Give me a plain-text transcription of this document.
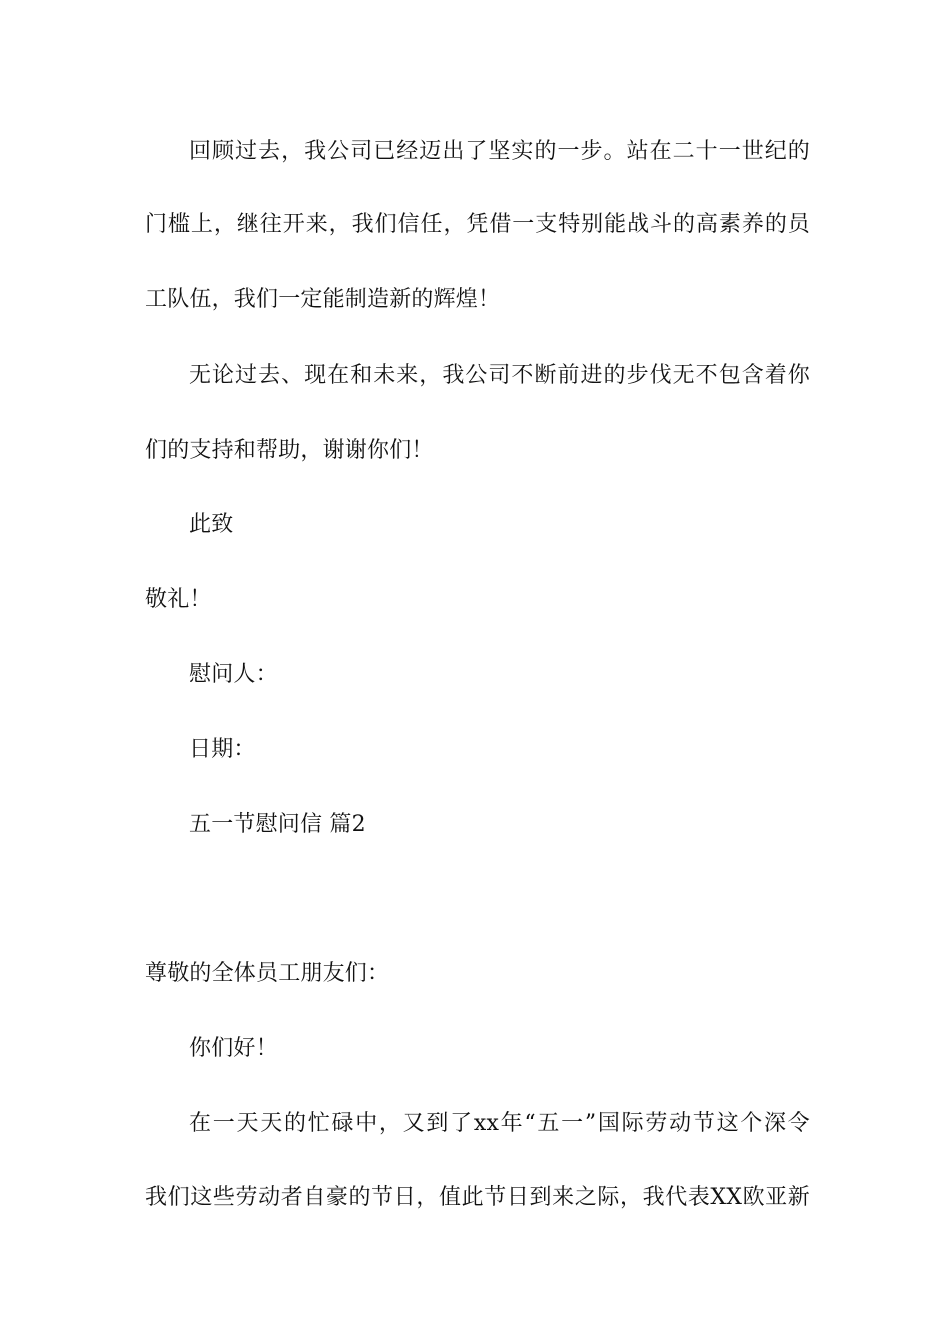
回顾过去，我公司已经迈出了坚实的一步。站在二十一世纪的
门槛上，继往开来，我们信任，凭借一支特别能战斗的高素养的员
工队伍，我们一定能制造新的辉煌！
无论过去、现在和未来，我公司不断前进的步伐无不包含着你
们的支持和帮助，谢谢你们！
此致
敬礼！
慰问人：
日期：
五一节慰问信 篇2
尊敬的全体员工朋友们：
你们好！
在一天天的忙碌中，又到了xx年“五一”国际劳动节这个深令
我们这些劳动者自豪的节日，值此节日到来之际，我代表XX欧亚新
